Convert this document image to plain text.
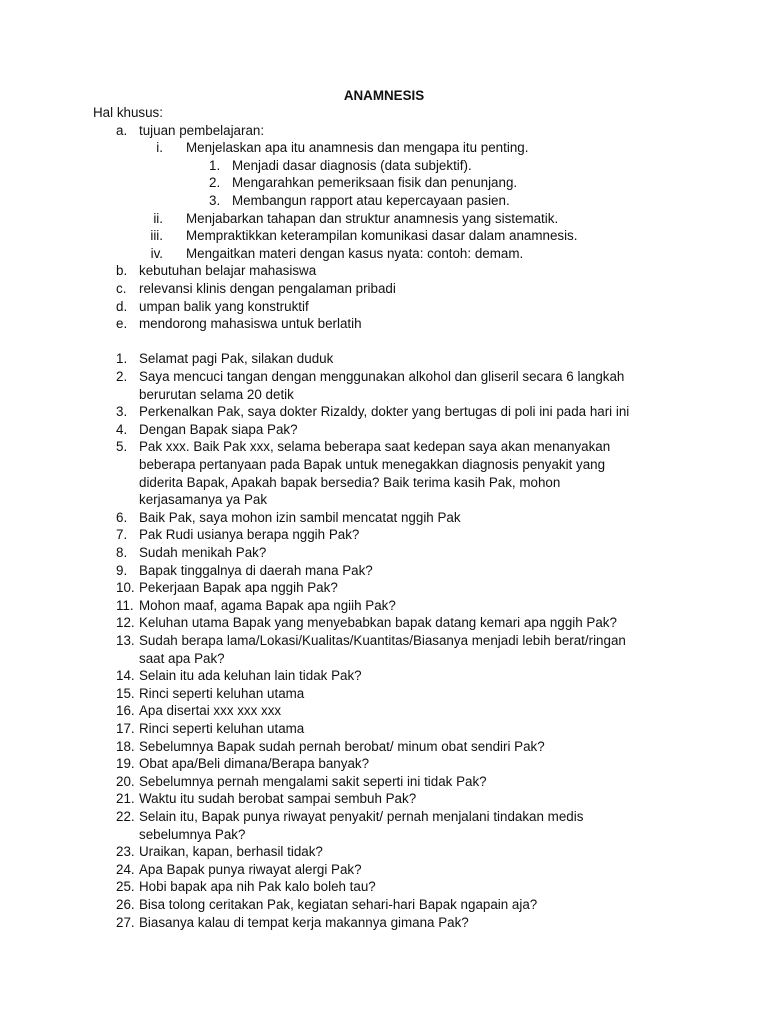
ANAMNESIS
Hal khusus:
a. tujuan pembelajaran:
i. Menjelaskan apa itu anamnesis dan mengapa itu penting.
1. Menjadi dasar diagnosis (data subjektif).
2. Mengarahkan pemeriksaan fisik dan penunjang.
3. Membangun rapport atau kepercayaan pasien.
ii. Menjabarkan tahapan dan struktur anamnesis yang sistematik.
iii. Mempraktikkan keterampilan komunikasi dasar dalam anamnesis.
iv. Mengaitkan materi dengan kasus nyata: contoh: demam.
b. kebutuhan belajar mahasiswa
c. relevansi klinis dengan pengalaman pribadi
d. umpan balik yang konstruktif
e. mendorong mahasiswa untuk berlatih
1. Selamat pagi Pak, silakan duduk
2. Saya mencuci tangan dengan menggunakan alkohol dan gliseril secara 6 langkah
berurutan selama 20 detik
3. Perkenalkan Pak, saya dokter Rizaldy, dokter yang bertugas di poli ini pada hari ini
4. Dengan Bapak siapa Pak?
5. Pak xxx. Baik Pak xxx, selama beberapa saat kedepan saya akan menanyakan
beberapa pertanyaan pada Bapak untuk menegakkan diagnosis penyakit yang
diderita Bapak, Apakah bapak bersedia? Baik terima kasih Pak, mohon
kerjasamanya ya Pak
6. Baik Pak, saya mohon izin sambil mencatat nggih Pak
7. Pak Rudi usianya berapa nggih Pak?
8. Sudah menikah Pak?
9. Bapak tinggalnya di daerah mana Pak?
10. Pekerjaan Bapak apa nggih Pak?
11. Mohon maaf, agama Bapak apa ngiih Pak?
12. Keluhan utama Bapak yang menyebabkan bapak datang kemari apa nggih Pak?
13. Sudah berapa lama/Lokasi/Kualitas/Kuantitas/Biasanya menjadi lebih berat/ringan
saat apa Pak?
14. Selain itu ada keluhan lain tidak Pak?
15. Rinci seperti keluhan utama
16. Apa disertai xxx xxx xxx
17. Rinci seperti keluhan utama
18. Sebelumnya Bapak sudah pernah berobat/ minum obat sendiri Pak?
19. Obat apa/Beli dimana/Berapa banyak?
20. Sebelumnya pernah mengalami sakit seperti ini tidak Pak?
21. Waktu itu sudah berobat sampai sembuh Pak?
22. Selain itu, Bapak punya riwayat penyakit/ pernah menjalani tindakan medis
sebelumnya Pak?
23. Uraikan, kapan, berhasil tidak?
24. Apa Bapak punya riwayat alergi Pak?
25. Hobi bapak apa nih Pak kalo boleh tau?
26. Bisa tolong ceritakan Pak, kegiatan sehari-hari Bapak ngapain aja?
27. Biasanya kalau di tempat kerja makannya gimana Pak?
